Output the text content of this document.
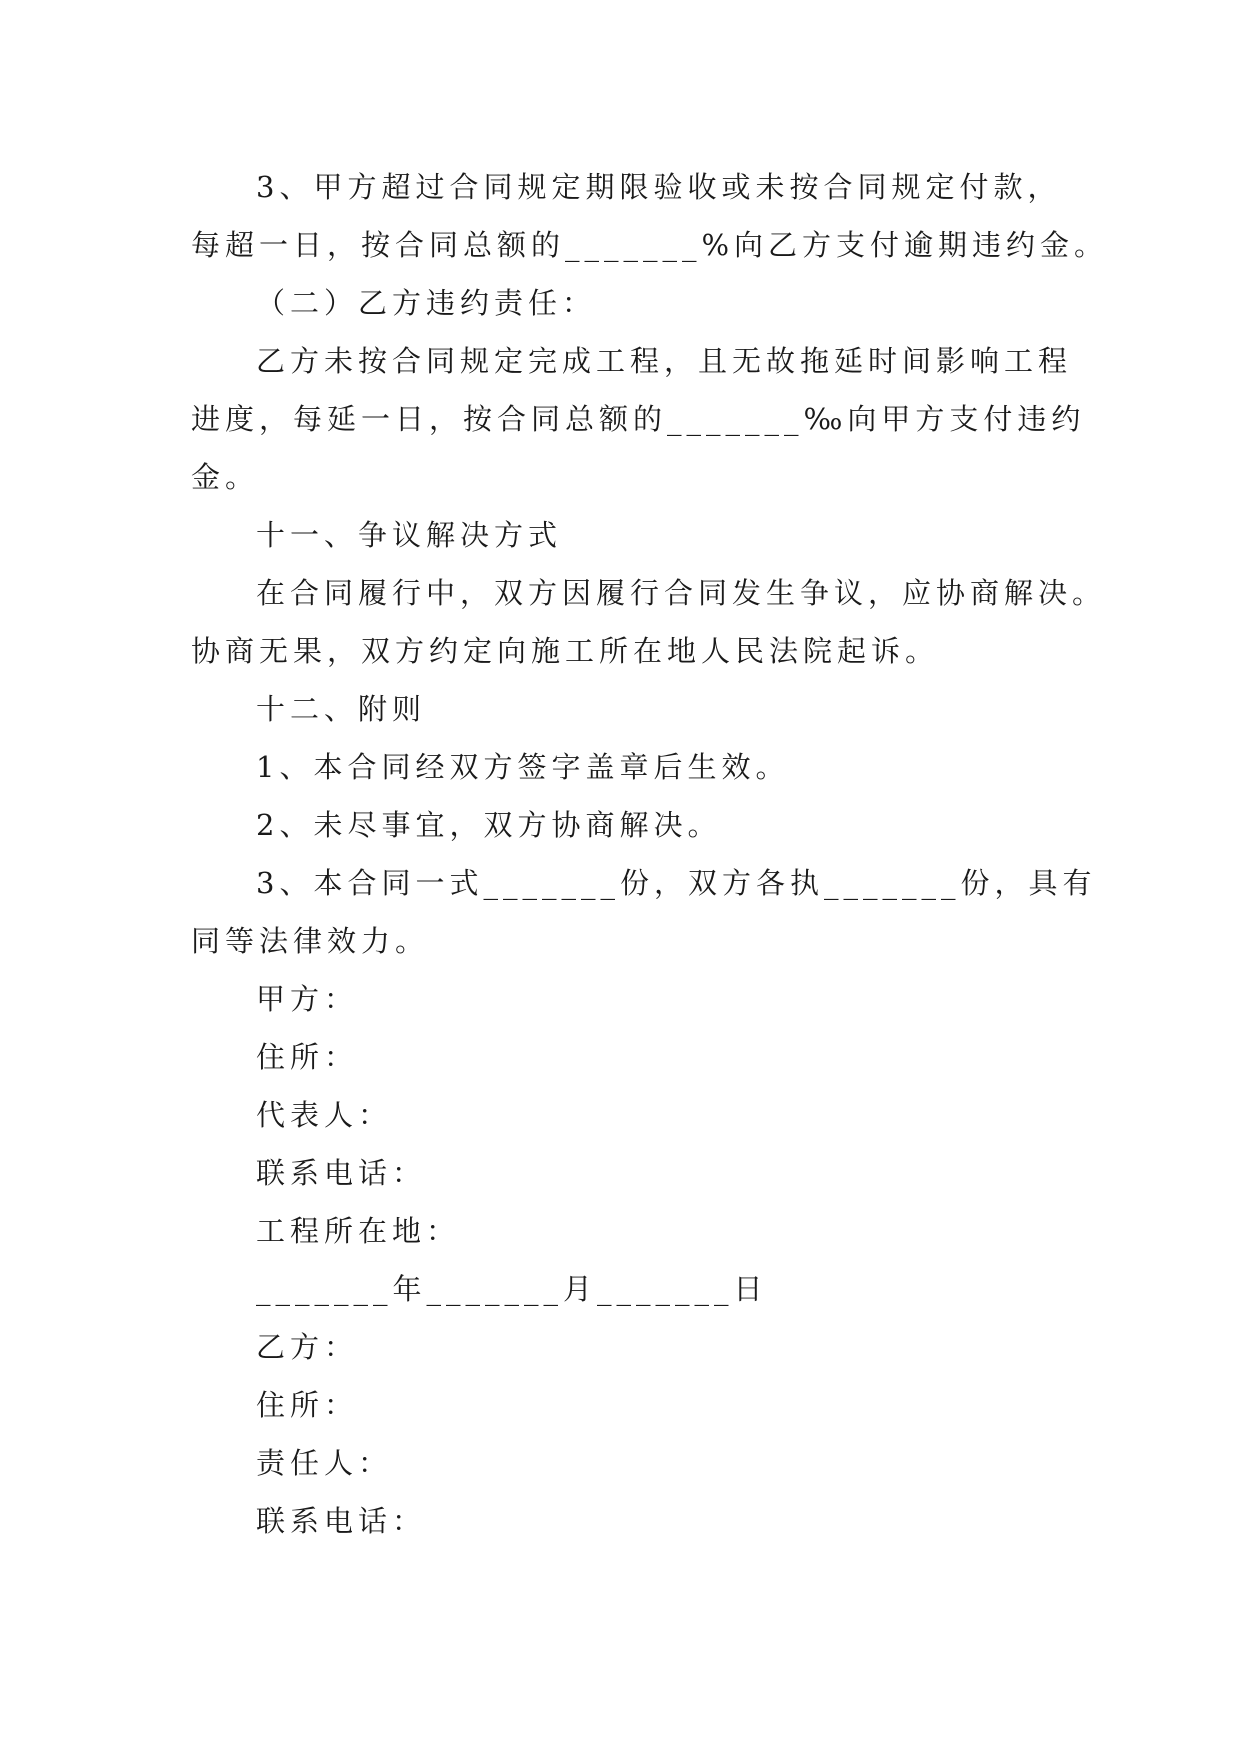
3、甲方超过合同规定期限验收或未按合同规定付款，

每超一日，按合同总额的_______%向乙方支付逾期违约金。

（二）乙方违约责任：

乙方未按合同规定完成工程，且无故拖延时间影响工程

进度，每延一日，按合同总额的_______‰向甲方支付违约

金。

十一、争议解决方式

在合同履行中，双方因履行合同发生争议，应协商解决。

协商无果，双方约定向施工所在地人民法院起诉。

十二、附则

1、本合同经双方签字盖章后生效。

2、未尽事宜，双方协商解决。

3、本合同一式_______份，双方各执_______份，具有

同等法律效力。

甲方：

住所：

代表人：

联系电话：

工程所在地：

_______年_______月_______日

乙方：

住所：

责任人：

联系电话：
